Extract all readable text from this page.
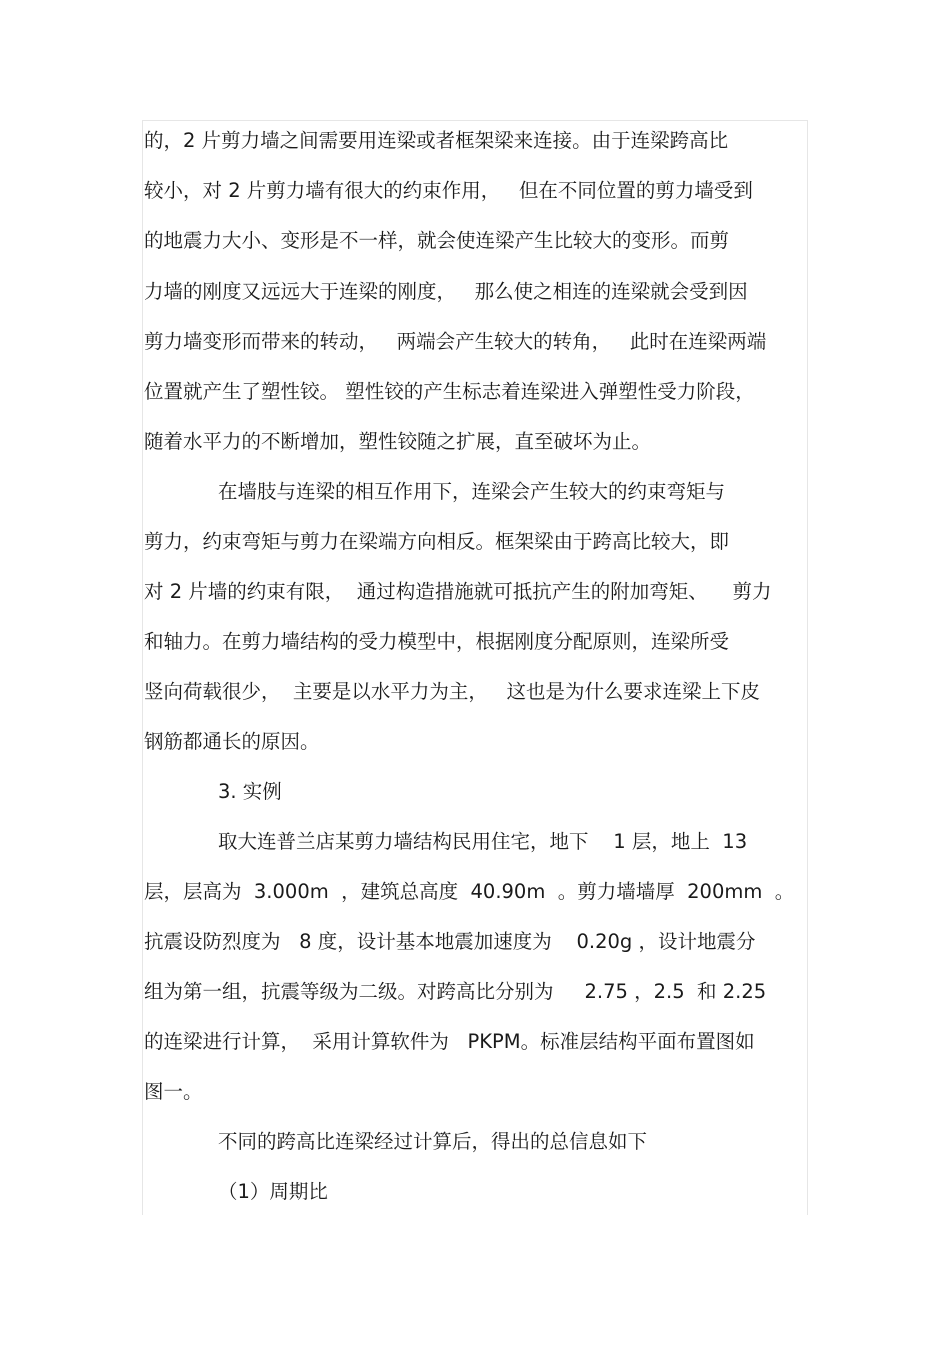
的，2 片剪力墙之间需要用连梁或者框架梁来连接。由于连梁跨高比
较小，对 2 片剪力墙有很大的约束作用，   但在不同位置的剪力墙受到
的地震力大小、变形是不一样，就会使连梁产生比较大的变形。而剪
力墙的刚度又远远大于连梁的刚度，   那么使之相连的连梁就会受到因
剪力墙变形而带来的转动，   两端会产生较大的转角，   此时在连梁两端
位置就产生了塑性铰。 塑性铰的产生标志着连梁进入弹塑性受力阶段，
随着水平力的不断增加，塑性铰随之扩展，直至破坏为止。
在墙肢与连梁的相互作用下，连梁会产生较大的约束弯矩与
剪力，约束弯矩与剪力在梁端方向相反。框架梁由于跨高比较大，即
对 2 片墙的约束有限，  通过构造措施就可抵抗产生的附加弯矩、    剪力
和轴力。在剪力墙结构的受力模型中，根据刚度分配原则，连梁所受
竖向荷载很少，  主要是以水平力为主，   这也是为什么要求连梁上下皮
钢筋都通长的原因。
3. 实例
取大连普兰店某剪力墙结构民用住宅，地下    1 层，地上  13
层，层高为  3.000m  ，建筑总高度  40.90m  。剪力墙墙厚  200mm  。
抗震设防烈度为   8 度，设计基本地震加速度为    0.20g ，设计地震分
组为第一组，抗震等级为二级。对跨高比分别为     2.75 ，2.5  和 2.25
的连梁进行计算，  采用计算软件为   PKPM。标准层结构平面布置图如
图一。
不同的跨高比连梁经过计算后，得出的总信息如下
（1）周期比
